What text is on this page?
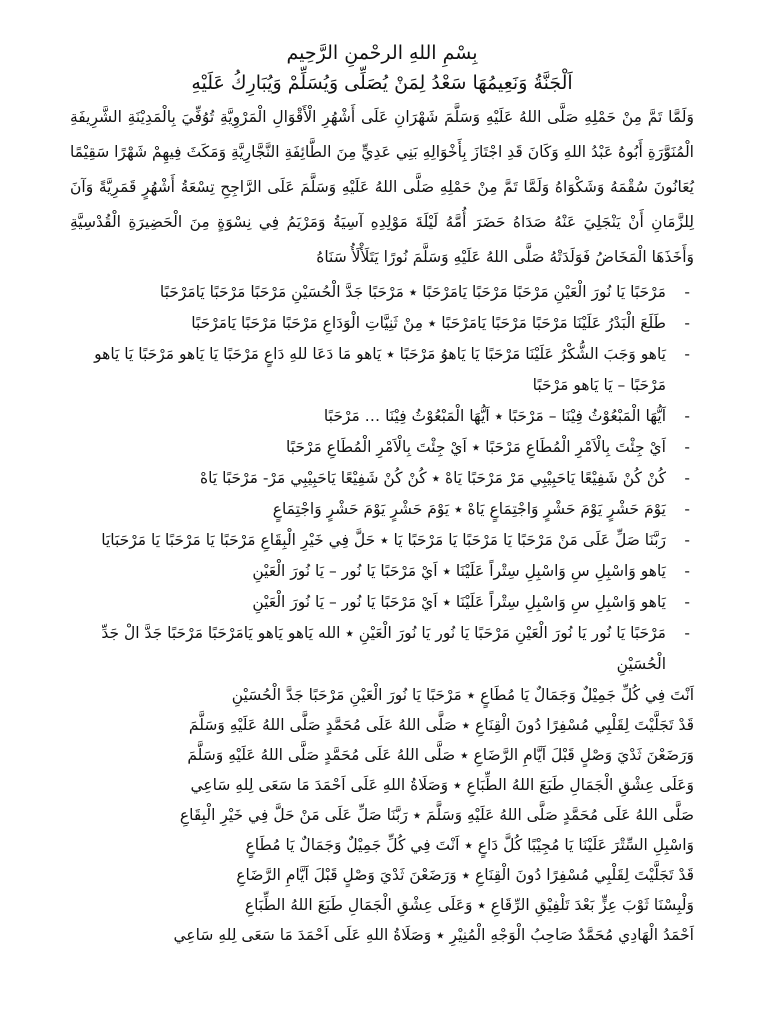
بِسْمِ اللهِ الرحْمنِ الرَّحِيم
اَلْجَنَّةُ وَنَعِيمُهَا سَعْدُ لِمَنْ يُصَلِّى وَيُسَلِّمْ وَيُبَارِكُ عَلَيْهِ

وَلَمَّا تَمَّ مِنْ حَمْلِهِ صَلَّى اللهُ عَلَيْهِ وَسَلَّمَ شَهْرَانِ عَلَى أَشْهُرِ الْأَقْوَالِ الْمَرْوِيَّةِ تُوُفِّيَ بِالْمَدِيْنَةِ الشَّرِيفَةِ الْمُنَوَّرَةِ أَبُوهُ عَبْدُ اللهِ وَكَانَ قَدِ اجْتَازَ بِأَخْوَالِهِ بَنِي عَدِيٍّ مِنَ الطَّائِفَةِ النَّجَّارِيَّةِ وَمَكَثَ فِيهِمْ شَهْرًا سَقِيْمًا يُعَانُونَ سُقْمَهُ وَشَكْوَاهُ وَلَمَّا تَمَّ مِنْ حَمْلِهِ صَلَّى اللهُ عَلَيْهِ وَسَلَّمَ عَلَى الرَّاجِحِ تِسْعَةُ أَشْهُرٍ قَمَرِيَّةً وَآنَ لِلزَّمَانِ أَنْ يَنْجَلِيَ عَنْهُ صَدَاهُ حَضَرَ أُمَّهُ لَيْلَةَ مَوْلِدِهِ آسِيَةُ وَمَرْيَمُ فِي نِسْوَةٍ مِنَ الْحَضِيرَةِ الْقُدْسِيَّةِ وَأَخَذَهَا الْمَخَاضُ فَوَلَدَتْهُ صَلَّى اللهُ عَلَيْهِ وَسَلَّمَ نُورًا يَتَلَأْلَأُ سَنَاهُ

-
مَرْحَبًا يَا نُورَ الْعَيْنِ مَرْحَبًا مَرْحَبًا يَامَرْحَبًا ٭ مَرْحَبًا جَدَّ الْحُسَيْنِ مَرْحَبًا مَرْحَبًا يَامَرْحَبًا
-
طَلَعَ الْبَدْرُ عَلَيْنَا مَرْحَبًا مَرْحَبًا يَامَرْحَبًا ٭ مِنْ ثَنِيَّاتِ الْوَدَاعِ مَرْحَبًا مَرْحَبًا يَامَرْحَبًا
-
يَاهو وَجَبَ الشُّكْرُ عَلَيْنَا مَرْحَبًا يَا يَاهوُ مَرْحَبًا ٭ يَاهو مَا دَعَا للهِ دَاعٍ مَرْحَبًا يَا يَاهو مَرْحَبًا يَا يَاهو مَرْحَبًا – يَا يَاهو مَرْحَبًا
-
اَيُّهَا الْمَبْعُوْثُ فِيْنَا – مَرْحَبًا ٭ اَيُّهَا الْمَبْعُوْثُ فِيْنَا … مَرْحَبًا
-
اَيْ جِئْتَ بِالْاَمْرِ الْمُطَاعِ مَرْحَبًا ٭ اَيْ جِئْتَ بِالْاَمْرِ الْمُطَاعِ مَرْحَبًا
-
كُنْ كُنْ شَفِيْعًا يَاحَبِيْبِي مَرْ مَرْحَبًا يَاهْ ٭ كُنْ كُنْ شَفِيْعًا يَاحَبِيْبِي مَرْ- مَرْحَبًا يَاهْ
-
يَوْمَ حَشْرٍ يَوْمَ حَشْرٍ وَاجْتِمَاعٍ يَاهْ ٭ يَوْمَ حَشْرٍ يَوْمَ حَشْرٍ وَاجْتِمَاعٍ
-
رَبَّنَا صَلِّ عَلَى مَنْ مَرْحَبًا يَا مَرْحَبًا يَا مَرْحَبًا يَا ٭ حَلَّ فِي خَيْرِ الْبِقَاعِ مَرْحَبًا يَا مَرْحَبًا يَا مَرْحَبَايَا
-
يَاهو وَاسْبِلِ سِ وَاسْبِلِ سِتْراً عَلَيْنَا ٭ اَيْ مَرْحَبًا يَا نُور – يَا نُورَ الْعَيْنِ
-
يَاهو وَاسْبِلِ سِ وَاسْبِلِ سِتْراً عَلَيْنَا ٭ اَيْ مَرْحَبًا يَا نُور – يَا نُورَ الْعَيْنِ
-
مَرْحَبًا يَا نُور يَا نُورَ الْعَيْنِ مَرْحَبًا يَا نُور يَا نُورَ الْعَيْنِ ٭ الله يَاهو يَاهو يَامَرْحَبًا مَرْحَبًا جَدَّ الْ جَدِّ الْحُسَيْنِ
اَنْتَ فِي كُلِّ جَمِيْلٌ وَجَمَالٌ يَا مُطَاعٍ ٭ مَرْحَبًا يَا نُورَ الْعَيْنِ مَرْحَبًا جَدَّ الْحُسَيْنِ
قَدْ تَجَلَّيْتَ لِقَلْبِي مُسْفِرًا دُونَ الْقِنَاعِ ٭ صَلَّى اللهُ عَلَى مُحَمَّدٍ صَلَّى اللهُ عَلَيْهِ وَسَلَّمَ
وَرَضَعْنَ ثَدْيَ وَصْلٍ قَبْلَ اَيَّامِ الرَّضَاعِ ٭ صَلَّى اللهُ عَلَى مُحَمَّدٍ صَلَّى اللهُ عَلَيْهِ وَسَلَّمَ
وَعَلَى عِشْقِ الْجَمَالِ طَبَعَ اللهُ الطِّبَاعِ ٭ وَصَلَاةُ اللهِ عَلَى اَحْمَدَ مَا سَعَى لِلهِ سَاعِي
صَلَّى اللهُ عَلَى مُحَمَّدٍ صَلَّى اللهُ عَلَيْهِ وَسَلَّمَ ٭ رَبَّنَا صَلِّ عَلَى مَنْ حَلَّ فِي خَيْرِ الْبِقَاعِ
وَاسْبِلِ السِّتْرَ عَلَيْنَا يَا مُجِيْبًا كُلَّ دَاعٍ ٭ اَنْتَ فِي كُلِّ جَمِيْلٌ وَجَمَالٌ يَا مُطَاعٍ
قَدْ تَجَلَّيْتَ لِقَلْبِي مُسْفِرًا دُونَ الْقِنَاعِ ٭ وَرَضَعْنَ ثَدْيَ وَصْلٍ قَبْلَ اَيَّامِ الرَّضَاعِ
وَلْبِسْنَا ثَوْبَ عِزٍّ بَعْدَ تَلْفِيْقِ الرِّقَاعِ ٭ وَعَلَى عِشْقِ الْجَمَالِ طَبَعَ اللهُ الطِّبَاعِ
اَحْمَدُ الْهَادِي مُحَمَّدٌ صَاحِبُ الْوَجْهِ الْمُنِيْرِ ٭ وَصَلَاةُ اللهِ عَلَى اَحْمَدَ مَا سَعَى لِلهِ سَاعِي
